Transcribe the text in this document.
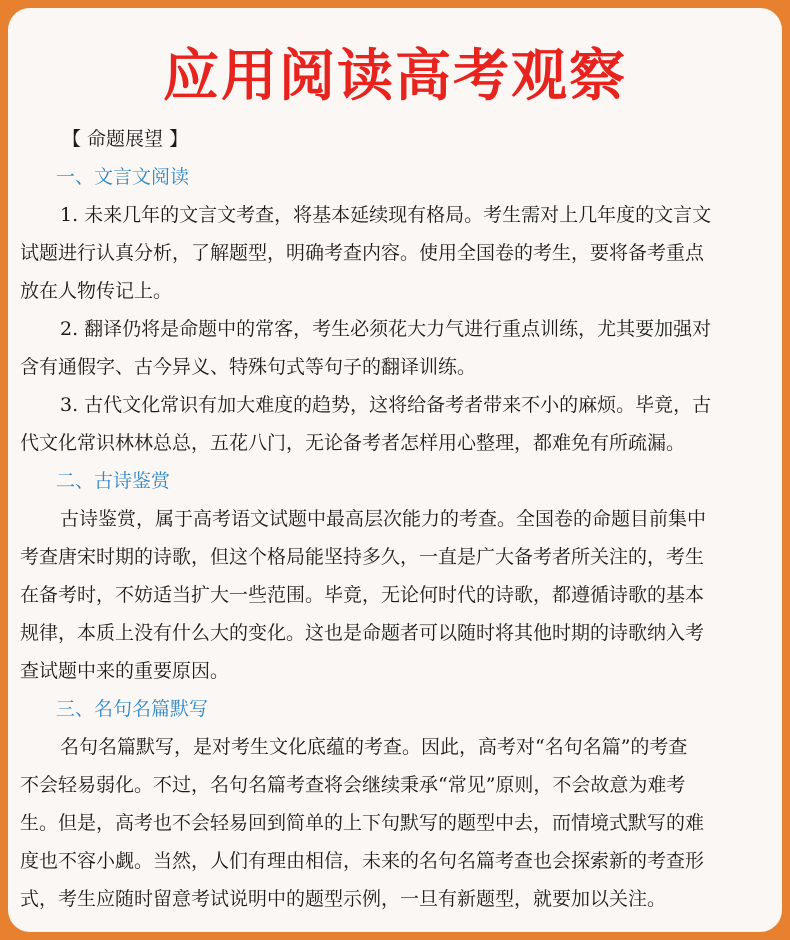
应用阅读高考观察
【 命题展望 】
一、文言文阅读
1. 未来几年的文言文考查，将基本延续现有格局。考生需对上几年度的文言文
试题进行认真分析，了解题型，明确考查内容。使用全国卷的考生，要将备考重点
放在人物传记上。
2. 翻译仍将是命题中的常客，考生必须花大力气进行重点训练，尤其要加强对
含有通假字、古今异义、特殊句式等句子的翻译训练。
3. 古代文化常识有加大难度的趋势，这将给备考者带来不小的麻烦。毕竟，古
代文化常识林林总总，五花八门，无论备考者怎样用心整理，都难免有所疏漏。
二、古诗鉴赏
古诗鉴赏，属于高考语文试题中最高层次能力的考查。全国卷的命题目前集中
考查唐宋时期的诗歌，但这个格局能坚持多久，一直是广大备考者所关注的，考生
在备考时，不妨适当扩大一些范围。毕竟，无论何时代的诗歌，都遵循诗歌的基本
规律，本质上没有什么大的变化。这也是命题者可以随时将其他时期的诗歌纳入考
查试题中来的重要原因。
三、名句名篇默写
名句名篇默写，是对考生文化底蕴的考查。因此，高考对“名句名篇”的考查
不会轻易弱化。不过，名句名篇考查将会继续秉承“常见”原则，不会故意为难考
生。但是，高考也不会轻易回到简单的上下句默写的题型中去，而情境式默写的难
度也不容小觑。当然，人们有理由相信，未来的名句名篇考查也会探索新的考查形
式，考生应随时留意考试说明中的题型示例，一旦有新题型，就要加以关注。
